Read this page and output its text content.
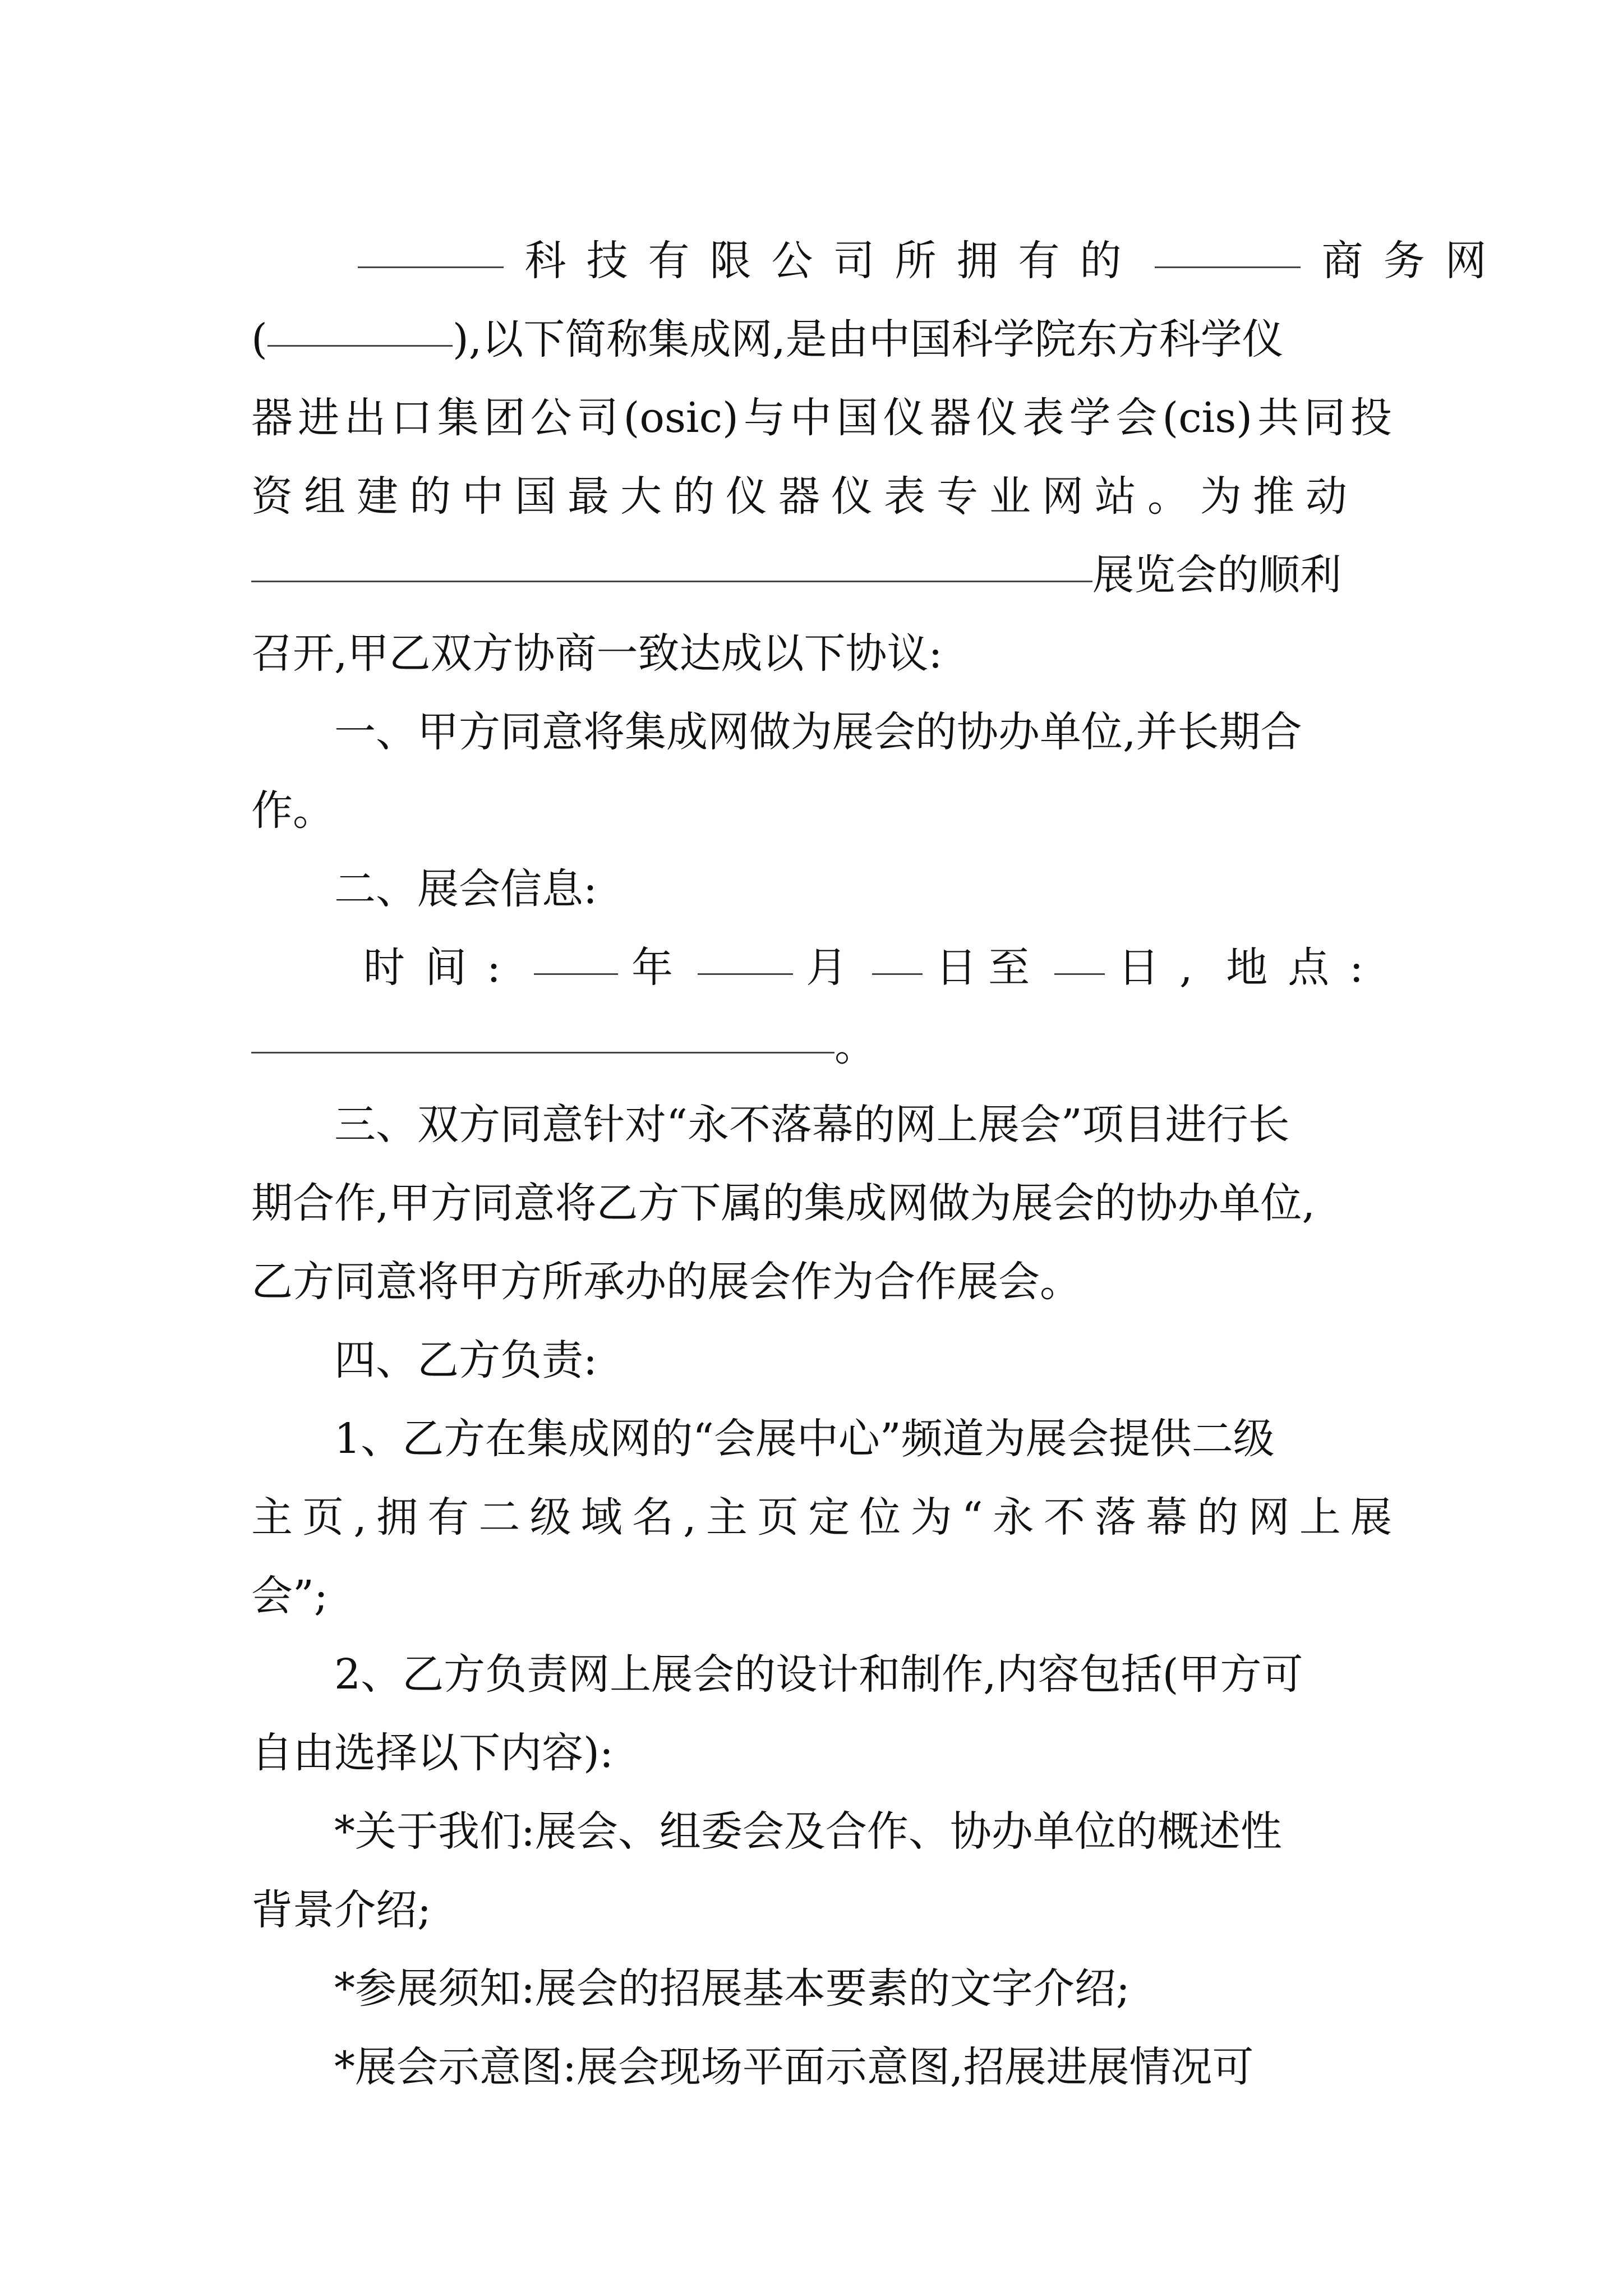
科技有限公司所拥有的	商务网
(	),以下简称集成网,是由中国科学院东方科学仪
器进出口集团公司(osic)与中国仪器仪表学会(cis)共同投
资组建的中国最大的仪器仪表专业网站。为推动
展览会的顺利
召开,甲乙双方协商一致达成以下协议:
一、甲方同意将集成网做为展会的协办单位,并长期合
作。
二、展会信息:
时间:	年	月 日至 日, 地点:
。
三、双方同意针对“永不落幕的网上展会”项目进行长
期合作,甲方同意将乙方下属的集成网做为展会的协办单位,
乙方同意将甲方所承办的展会作为合作展会。
四、乙方负责:
1、乙方在集成网的“会展中心”频道为展会提供二级
主页,拥有二级域名,主页定位为“永不落幕的网上展
会”;
2、乙方负责网上展会的设计和制作,内容包括(甲方可
自由选择以下内容):
*关于我们:展会、组委会及合作、协办单位的概述性
背景介绍;
*参展须知:展会的招展基本要素的文字介绍;
*展会示意图:展会现场平面示意图,招展进展情况可
